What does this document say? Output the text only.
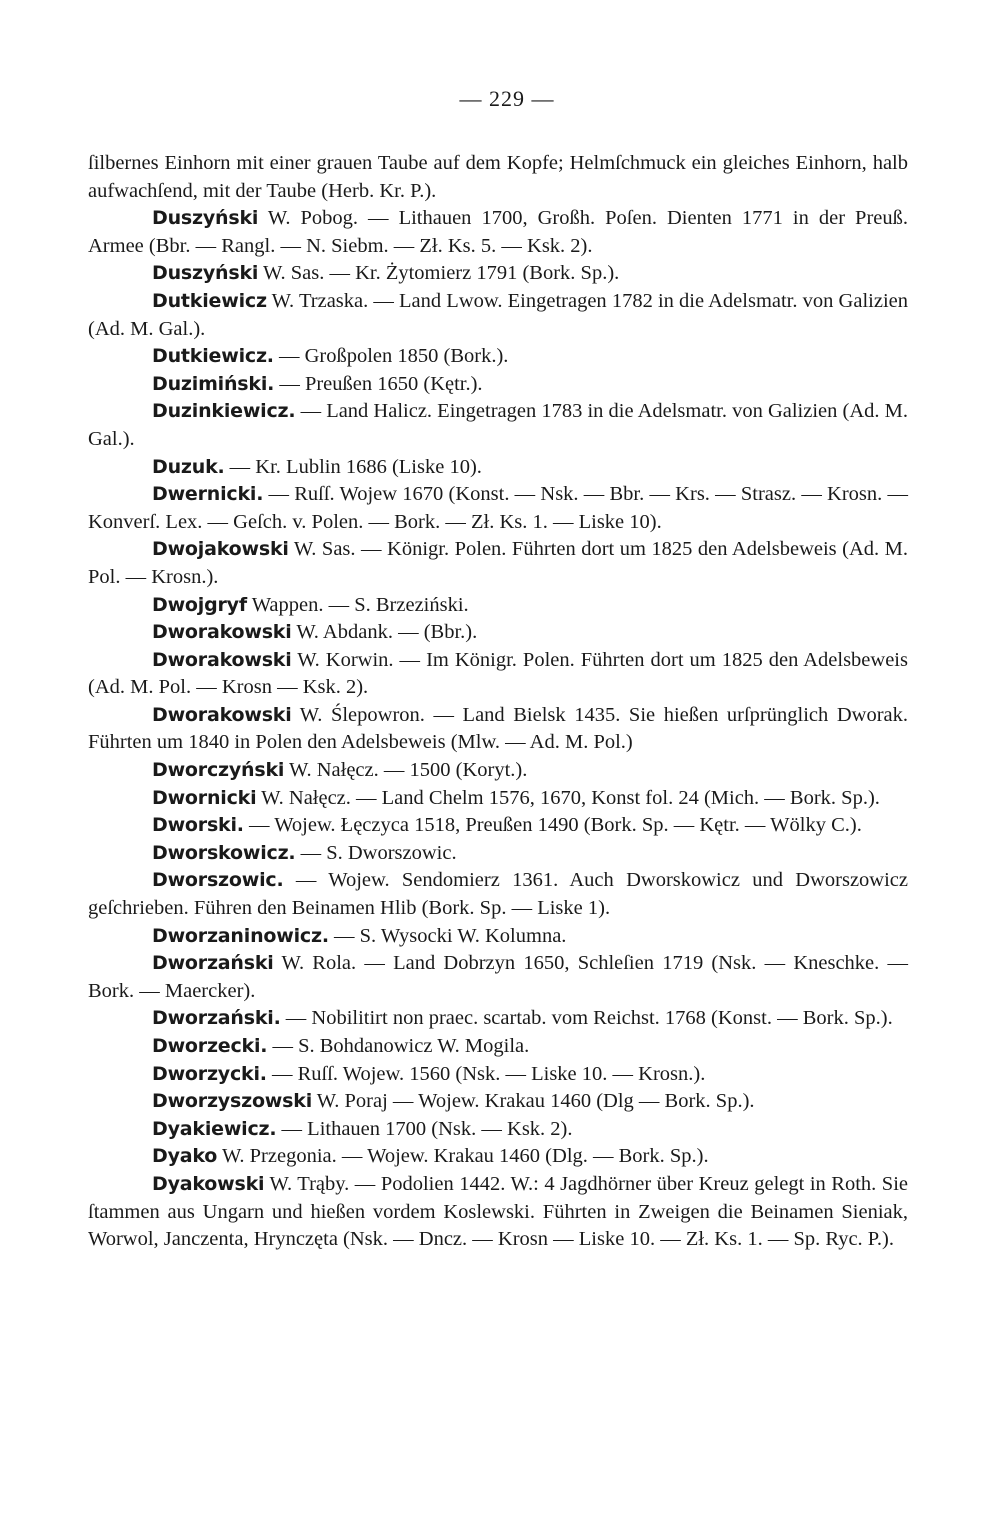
— 229 —

ſilbernes Einhorn mit einer grauen Taube auf dem Kopfe; Helmſchmuck ein gleiches Einhorn, halb aufwachſend, mit der Taube (Herb. Kr. P.).

Duszyński W. Pobog. — Lithauen 1700, Großh. Poſen. Dienten 1771 in der Preuß. Armee (Bbr. — Rangl. — N. Siebm. — Zł. Ks. 5. — Ksk. 2).

Duszyński W. Sas. — Kr. Żytomierz 1791 (Bork. Sp.).

Dutkiewicz W. Trzaska. — Land Lwow. Eingetragen 1782 in die Adelsmatr. von Galizien (Ad. M. Gal.).

Dutkiewicz. — Großpolen 1850 (Bork.).

Duzimiński. — Preußen 1650 (Kętr.).

Duzinkiewicz. — Land Halicz. Eingetragen 1783 in die Adelsmatr. von Galizien (Ad. M. Gal.).

Duzuk. — Kr. Lublin 1686 (Liske 10).

Dwernicki. — Ruſſ. Wojew 1670 (Konst. — Nsk. — Bbr. — Krs. — Strasz. — Krosn. — Konverſ. Lex. — Geſch. v. Polen. — Bork. — Zł. Ks. 1. — Liske 10).

Dwojakowski W. Sas. — Königr. Polen. Führten dort um 1825 den Adelsbeweis (Ad. M. Pol. — Krosn.).

Dwojgryf Wappen. — S. Brzeziński.

Dworakowski W. Abdank. — (Bbr.).

Dworakowski W. Korwin. — Im Königr. Polen. Führten dort um 1825 den Adelsbeweis (Ad. M. Pol. — Krosn — Ksk. 2).

Dworakowski W. Ślepowron. — Land Bielsk 1435. Sie hießen urſprünglich Dworak. Führten um 1840 in Polen den Adelsbeweis (Mlw. — Ad. M. Pol.)

Dworczyński W. Nałęcz. — 1500 (Koryt.).

Dwornicki W. Nałęcz. — Land Chelm 1576, 1670, Konst fol. 24 (Mich. — Bork. Sp.).

Dworski. — Wojew. Łęczyca 1518, Preußen 1490 (Bork. Sp. — Kętr. — Wölky C.).

Dworskowicz. — S. Dworszowic.

Dworszowic. — Wojew. Sendomierz 1361. Auch Dworskowicz und Dworszowicz geſchrieben. Führen den Beinamen Hlib (Bork. Sp. — Liske 1).

Dworzaninowicz. — S. Wysocki W. Kolumna.

Dworzański W. Rola. — Land Dobrzyn 1650, Schleſien 1719 (Nsk. — Kneschke. — Bork. — Maercker).

Dworzański. — Nobilitirt non praec. scartab. vom Reichst. 1768 (Konst. — Bork. Sp.).

Dworzecki. — S. Bohdanowicz W. Mogila.

Dworzycki. — Ruſſ. Wojew. 1560 (Nsk. — Liske 10. — Krosn.).

Dworzyszowski W. Poraj — Wojew. Krakau 1460 (Dlg — Bork. Sp.).

Dyakiewicz. — Lithauen 1700 (Nsk. — Ksk. 2).

Dyako W. Przegonia. — Wojew. Krakau 1460 (Dlg. — Bork. Sp.).

Dyakowski W. Trąby. — Podolien 1442. W.: 4 Jagdhörner über Kreuz gelegt in Roth. Sie ſtammen aus Ungarn und hießen vordem Koslewski. Führten in Zweigen die Beinamen Sieniak, Worwol, Janczenta, Hrynczęta (Nsk. — Dncz. — Krosn — Liske 10. — Zł. Ks. 1. — Sp. Ryc. P.).
